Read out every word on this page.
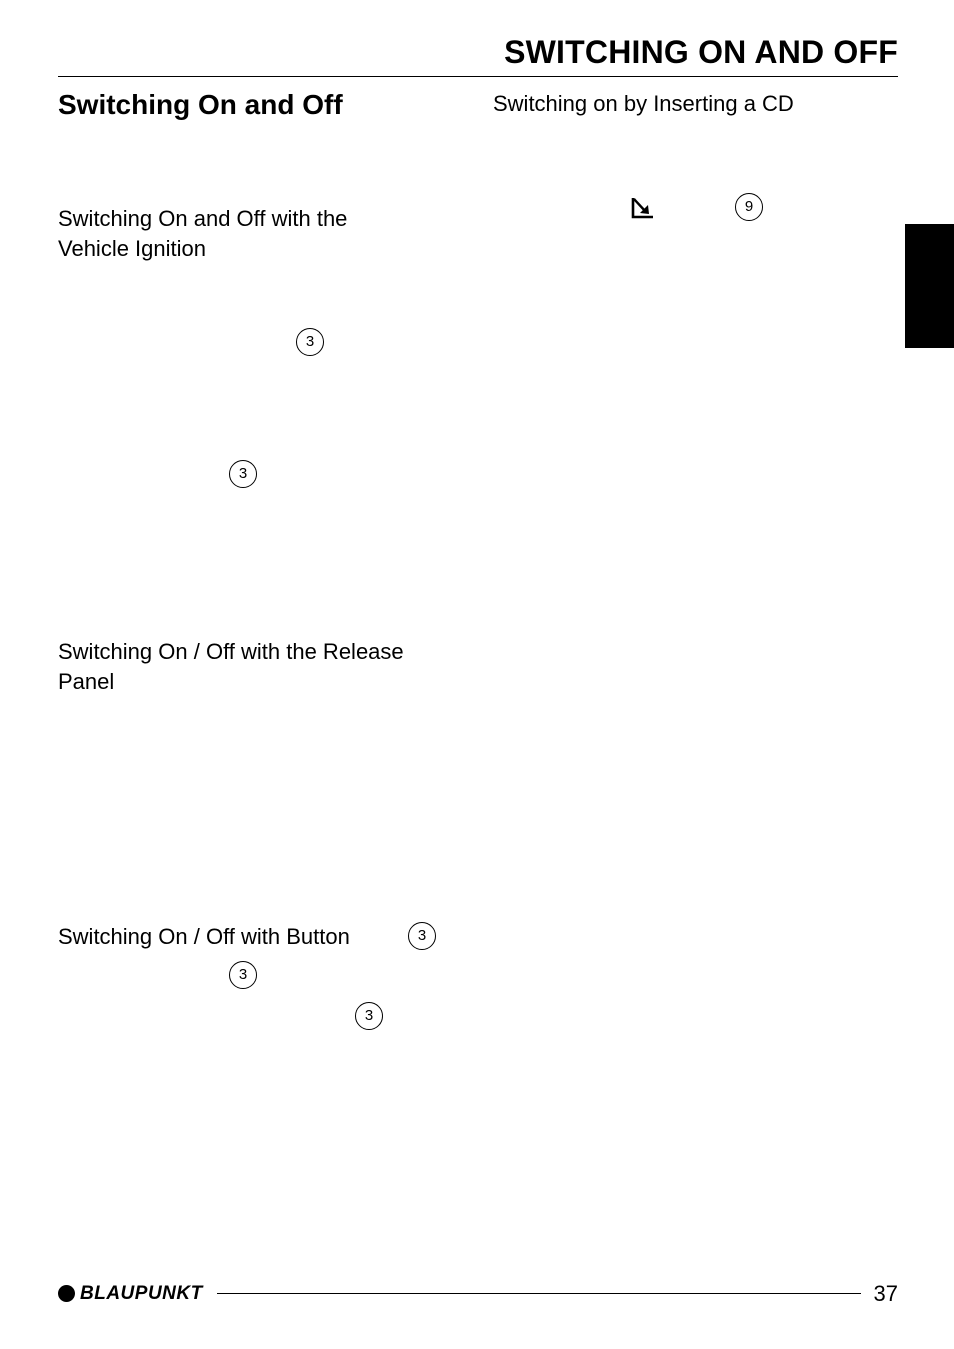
SWITCHING ON AND OFF
Switching On and Off
Switching On and Off with the
Vehicle Ignition
3
3
Switching On / Off with the Release
Panel
Switching On / Off with Button	3
3
3
Switching on by Inserting a CD
9
BLAUPUNKT	37
